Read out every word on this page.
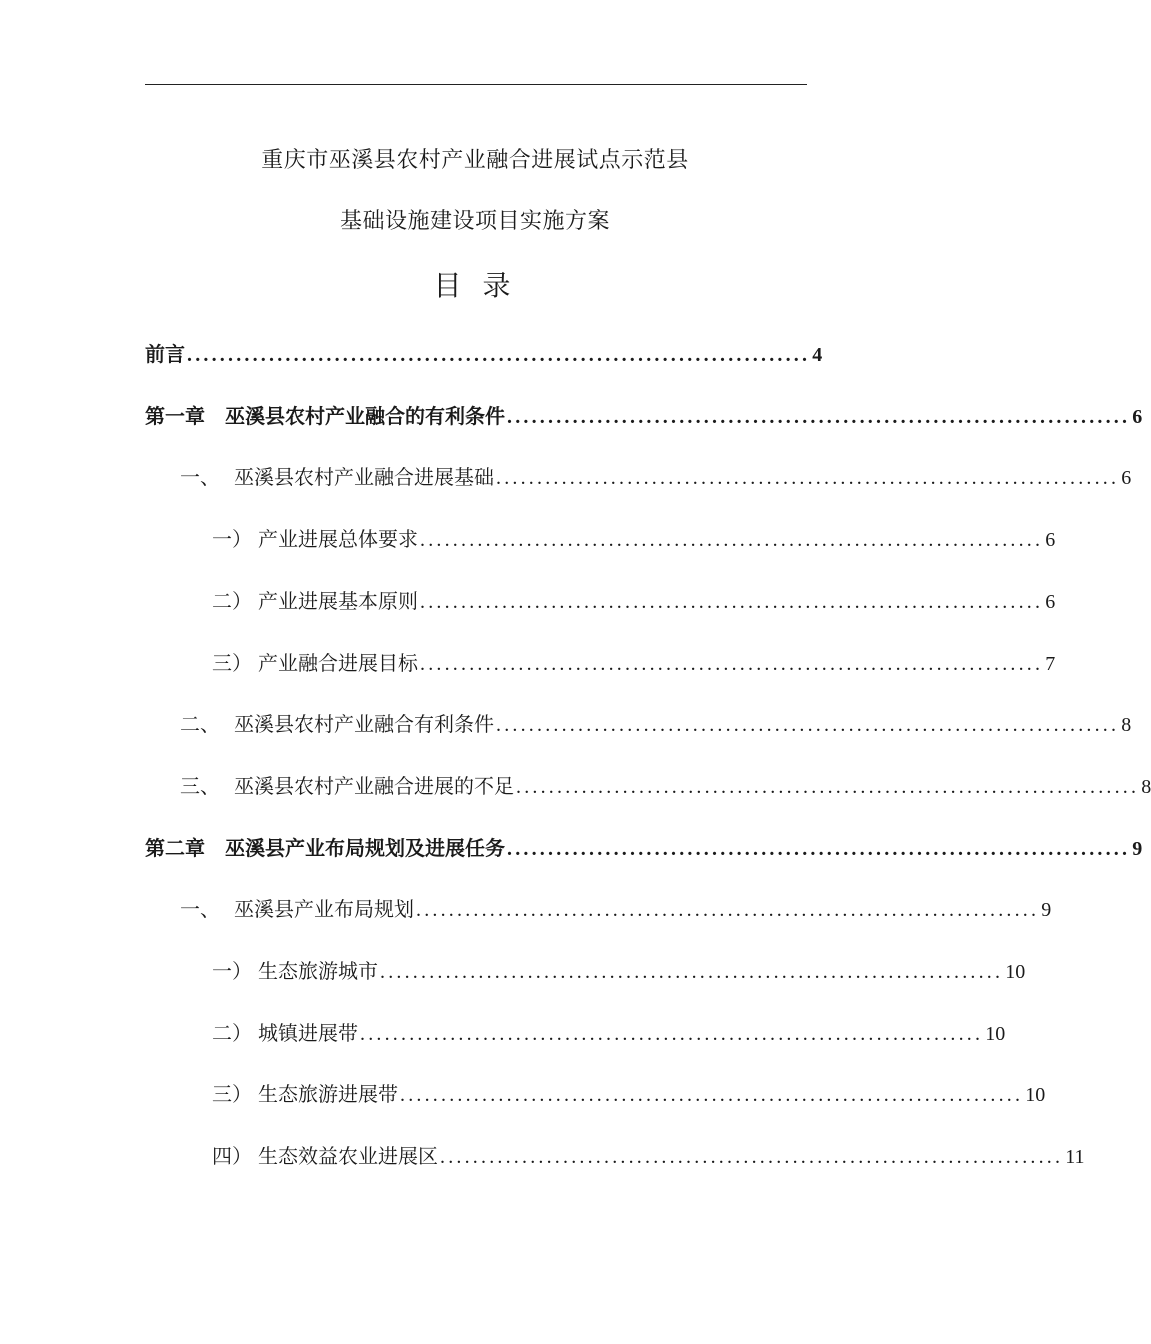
重庆市巫溪县农村产业融合进展试点示范县
基础设施建设项目实施方案
目 录
前言 ............................................................................ 4
第一章　 巫溪县农村产业融合的有利条件 ............................................................................ 6
一、　 巫溪县农村产业融合进展基础 ............................................................................ 6
一） 产业进展总体要求 ............................................................................ 6
二） 产业进展基本原则 ............................................................................ 6
三） 产业融合进展目标 ............................................................................ 7
二、　 巫溪县农村产业融合有利条件 ............................................................................ 8
三、　 巫溪县农村产业融合进展的不足 ............................................................................ 8
第二章　 巫溪县产业布局规划及进展任务 ............................................................................ 9
一、　 巫溪县产业布局规划 ............................................................................ 9
一） 生态旅游城市 ............................................................................ 10
二） 城镇进展带 ............................................................................ 10
三） 生态旅游进展带 ............................................................................ 10
四） 生态效益农业进展区 ............................................................................ 11
